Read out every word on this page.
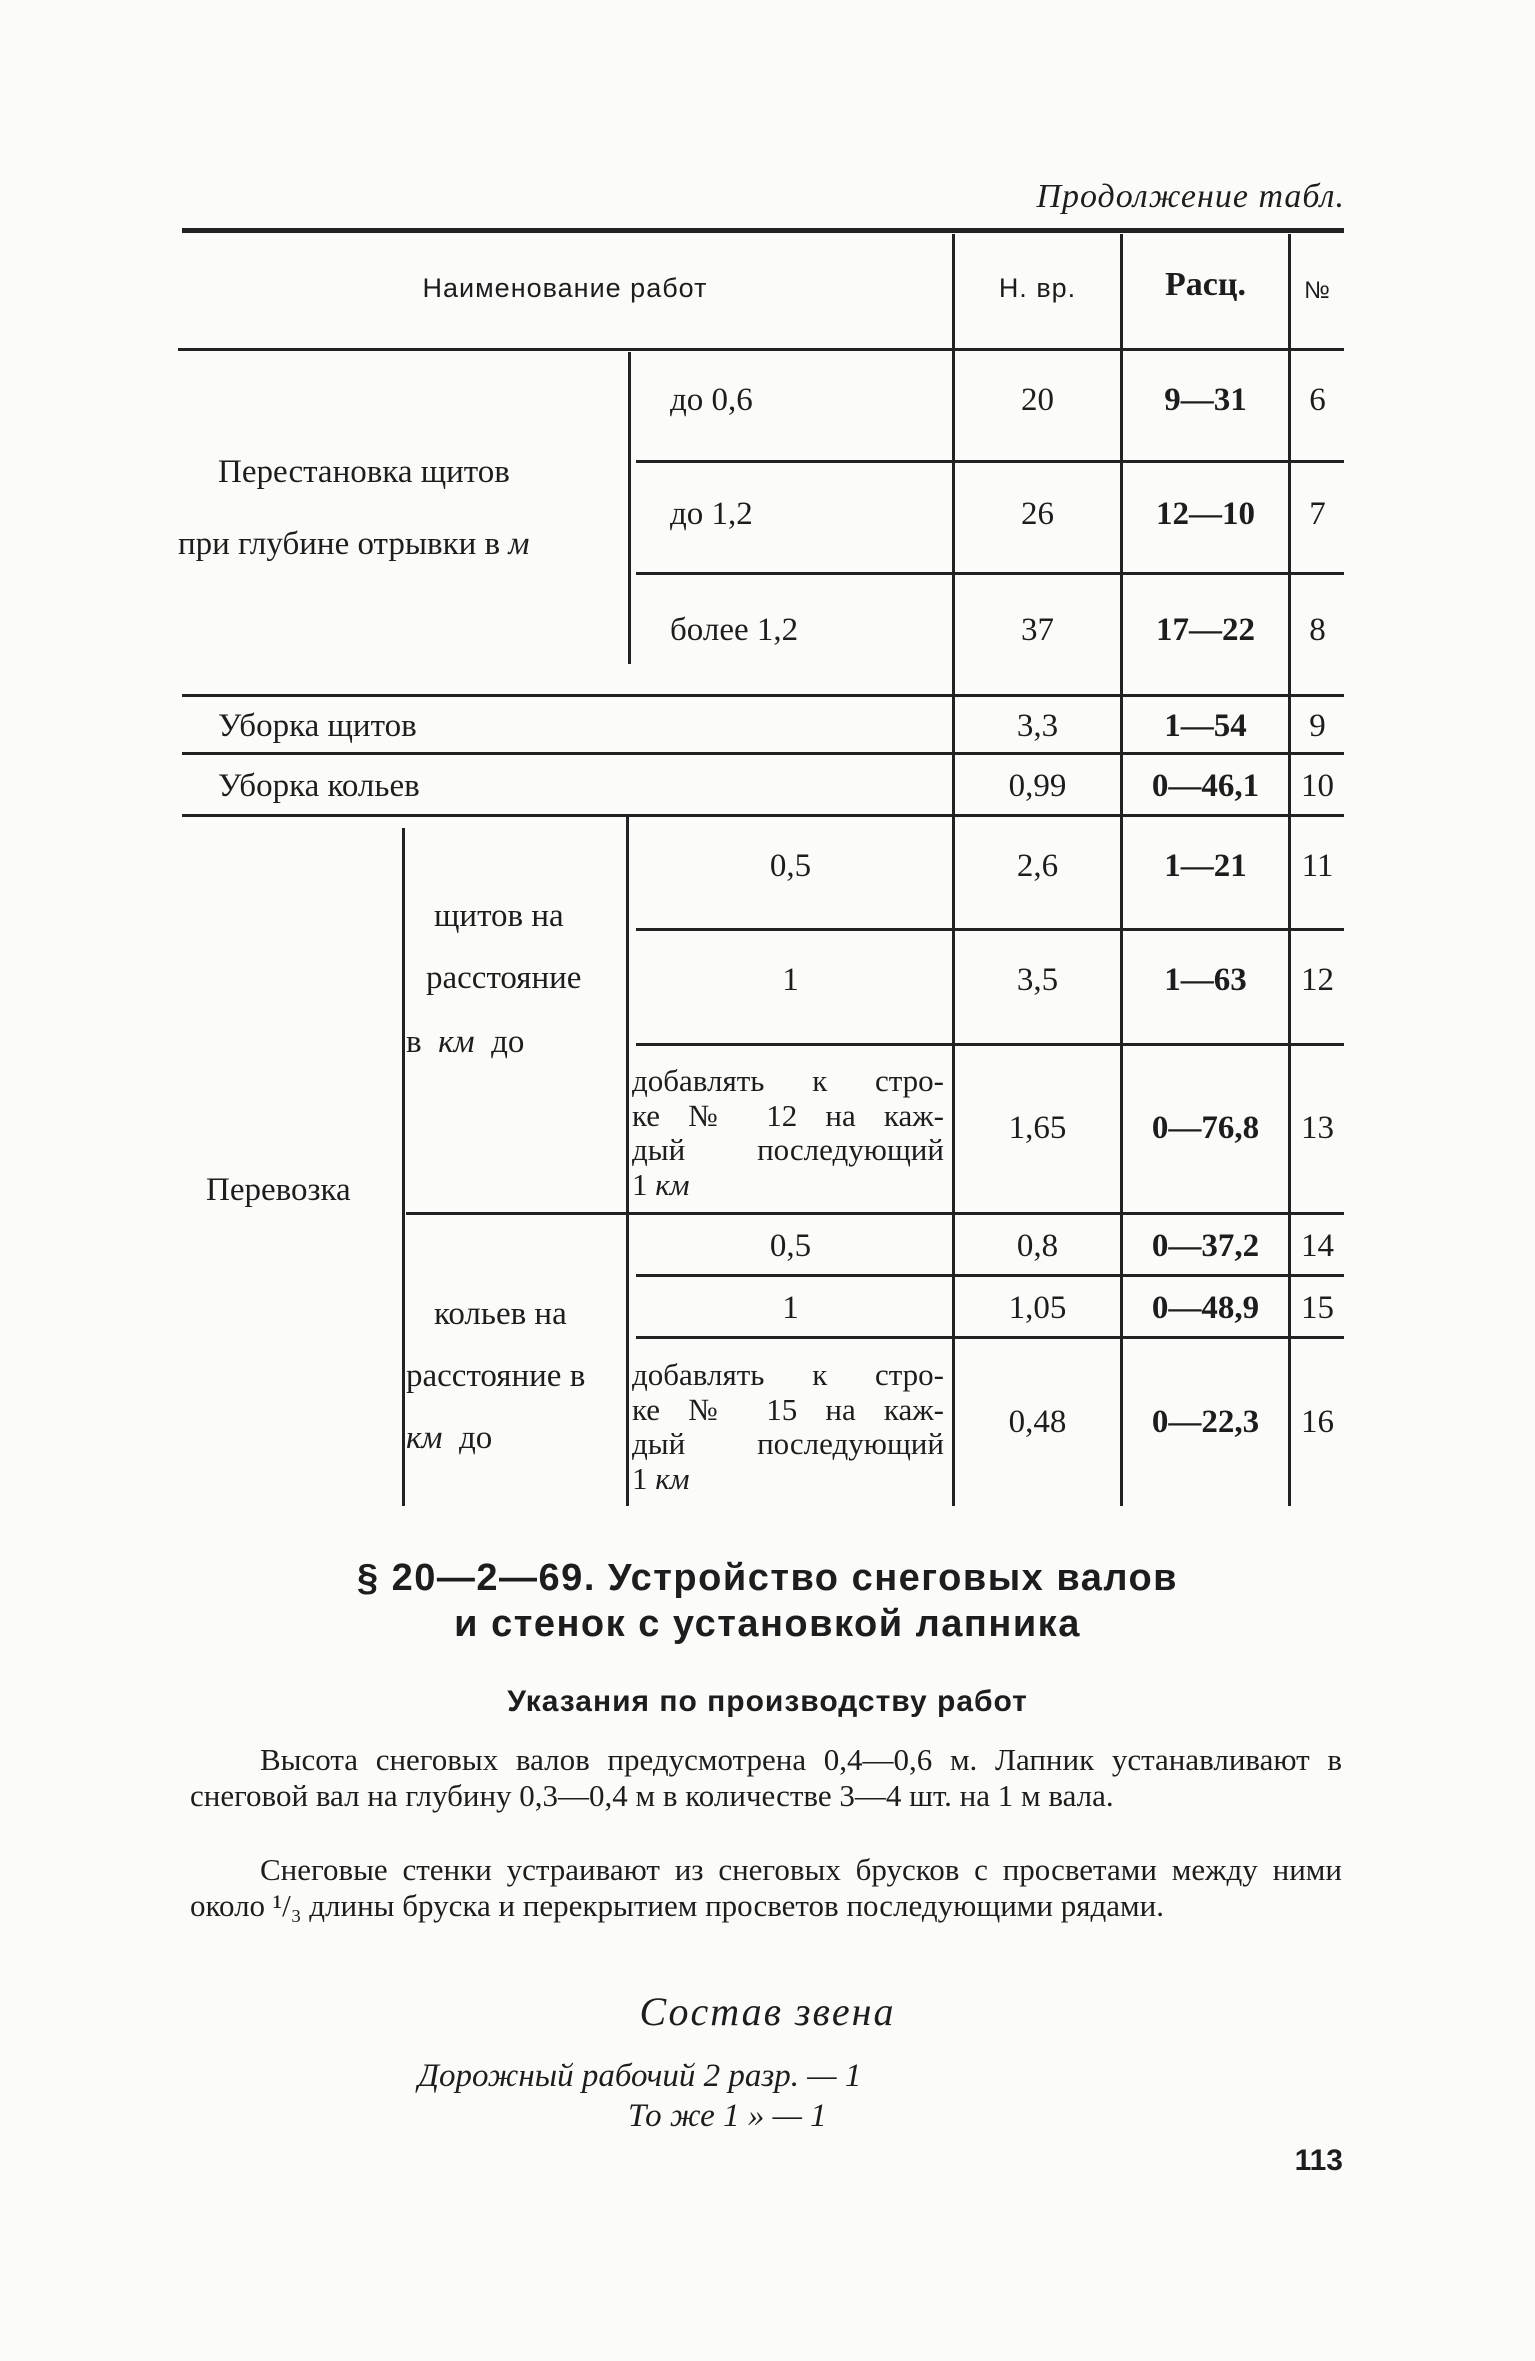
Продолжение табл.
Наименование работ	Н. вр.	Расц.	№
Перестановка щитов
при глубине отрывки в м
до 0,6	20	9—31	6
до 1,2	26	12—10	7
более 1,2	37	17—22	8
Уборка щитов	3,3	1—54	9
Уборка кольев	0,99	0—46,1	10
Перевозка
щитов на
расстояние
в км до
0,5	2,6	1—21	11
1	3,5	1—63	12
добавлять к стро-
ке № 12 на каж-
дый последующий
1 км
1,65	0—76,8	13
кольев на
расстояние в
км до
0,5	0,8	0—37,2	14
1	1,05	0—48,9	15
добавлять к стро-
ке № 15 на каж-
дый последующий
1 км
0,48	0—22,3	16
§ 20—2—69. Устройство снеговых валов
и стенок с установкой лапника
Указания по производству работ
Высота снеговых валов предусмотрена 0,4—0,6 м. Лапник устанавливают в снеговой вал на глубину 0,3—0,4 м в количестве 3—4 шт. на 1 м вала.
Снеговые стенки устраивают из снеговых брусков с просветами между ними около ¹/₃ длины бруска и перекрытием просветов последующими рядами.
Состав звена
Дорожный рабочий 2 разр. — 1
То же 1 » — 1
113
